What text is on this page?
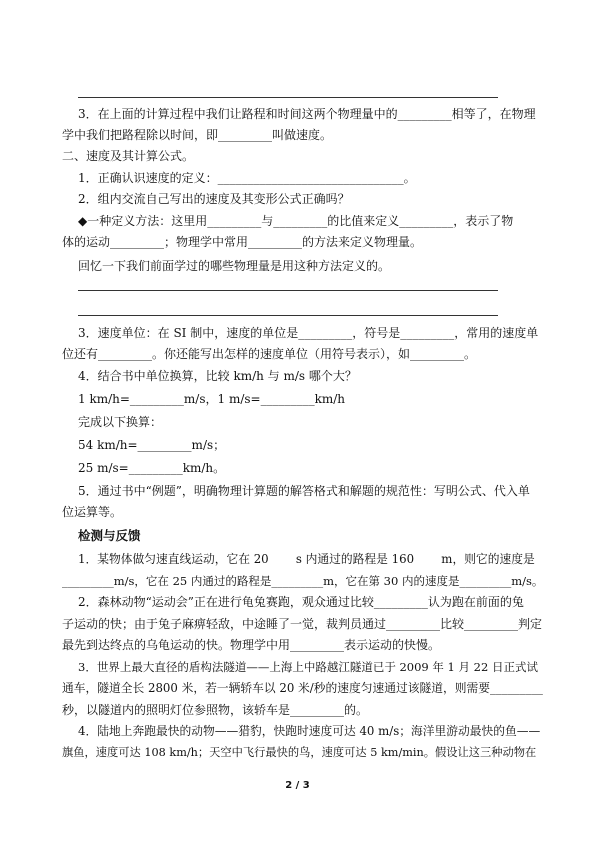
3．在上面的计算过程中我们让路程和时间这两个物理量中的_________相等了，在物理
学中我们把路程除以时间，即_________叫做速度。
二、速度及其计算公式。
1．正确认识速度的定义：_______________________________。
2．组内交流自己写出的速度及其变形公式正确吗？
◆一种定义方法：这里用_________与_________的比值来定义_________，表示了物
体的运动_________；物理学中常用_________的方法来定义物理量。
回忆一下我们前面学过的哪些物理量是用这种方法定义的。
3．速度单位：在 SI 制中，速度的单位是_________，符号是_________，常用的速度单
位还有_________。你还能写出怎样的速度单位（用符号表示），如_________。
4．结合书中单位换算，比较 km/h 与 m/s 哪个大？
1 km/h=_________m/s，1 m/s=_________km/h
完成以下换算：
54 km/h=_________m/s；
25 m/s=_________km/h。
5．通过书中“例题”，明确物理计算题的解答格式和解题的规范性：写明公式、代入单
位运算等。
检测与反馈
1．某物体做匀速直线运动，它在 20　　 s 内通过的路程是 160　　 m，则它的速度是
_________m/s，它在 25 内通过的路程是_________m，它在第 30 内的速度是_________m/s。
2．森林动物“运动会”正在进行龟兔赛跑，观众通过比较_________认为跑在前面的兔
子运动的快；由于兔子麻痹轻敌，中途睡了一觉，裁判员通过_________比较_________判定
最先到达终点的乌龟运动的快。物理学中用_________表示运动的快慢。
3．世界上最大直径的盾构法隧道——上海上中路越江隧道已于 2009 年 1 月 22 日正式试
通车，隧道全长 2800 米，若一辆轿车以 20 米/秒的速度匀速通过该隧道，则需要_________
秒，以隧道内的照明灯位参照物，该轿车是_________的。
4．陆地上奔跑最快的动物——猎豹，快跑时速度可达 40 m/s；海洋里游动最快的鱼——
旗鱼，速度可达 108 km/h；天空中飞行最快的鸟，速度可达 5 km/min。假设让这三种动物在
2 / 3
